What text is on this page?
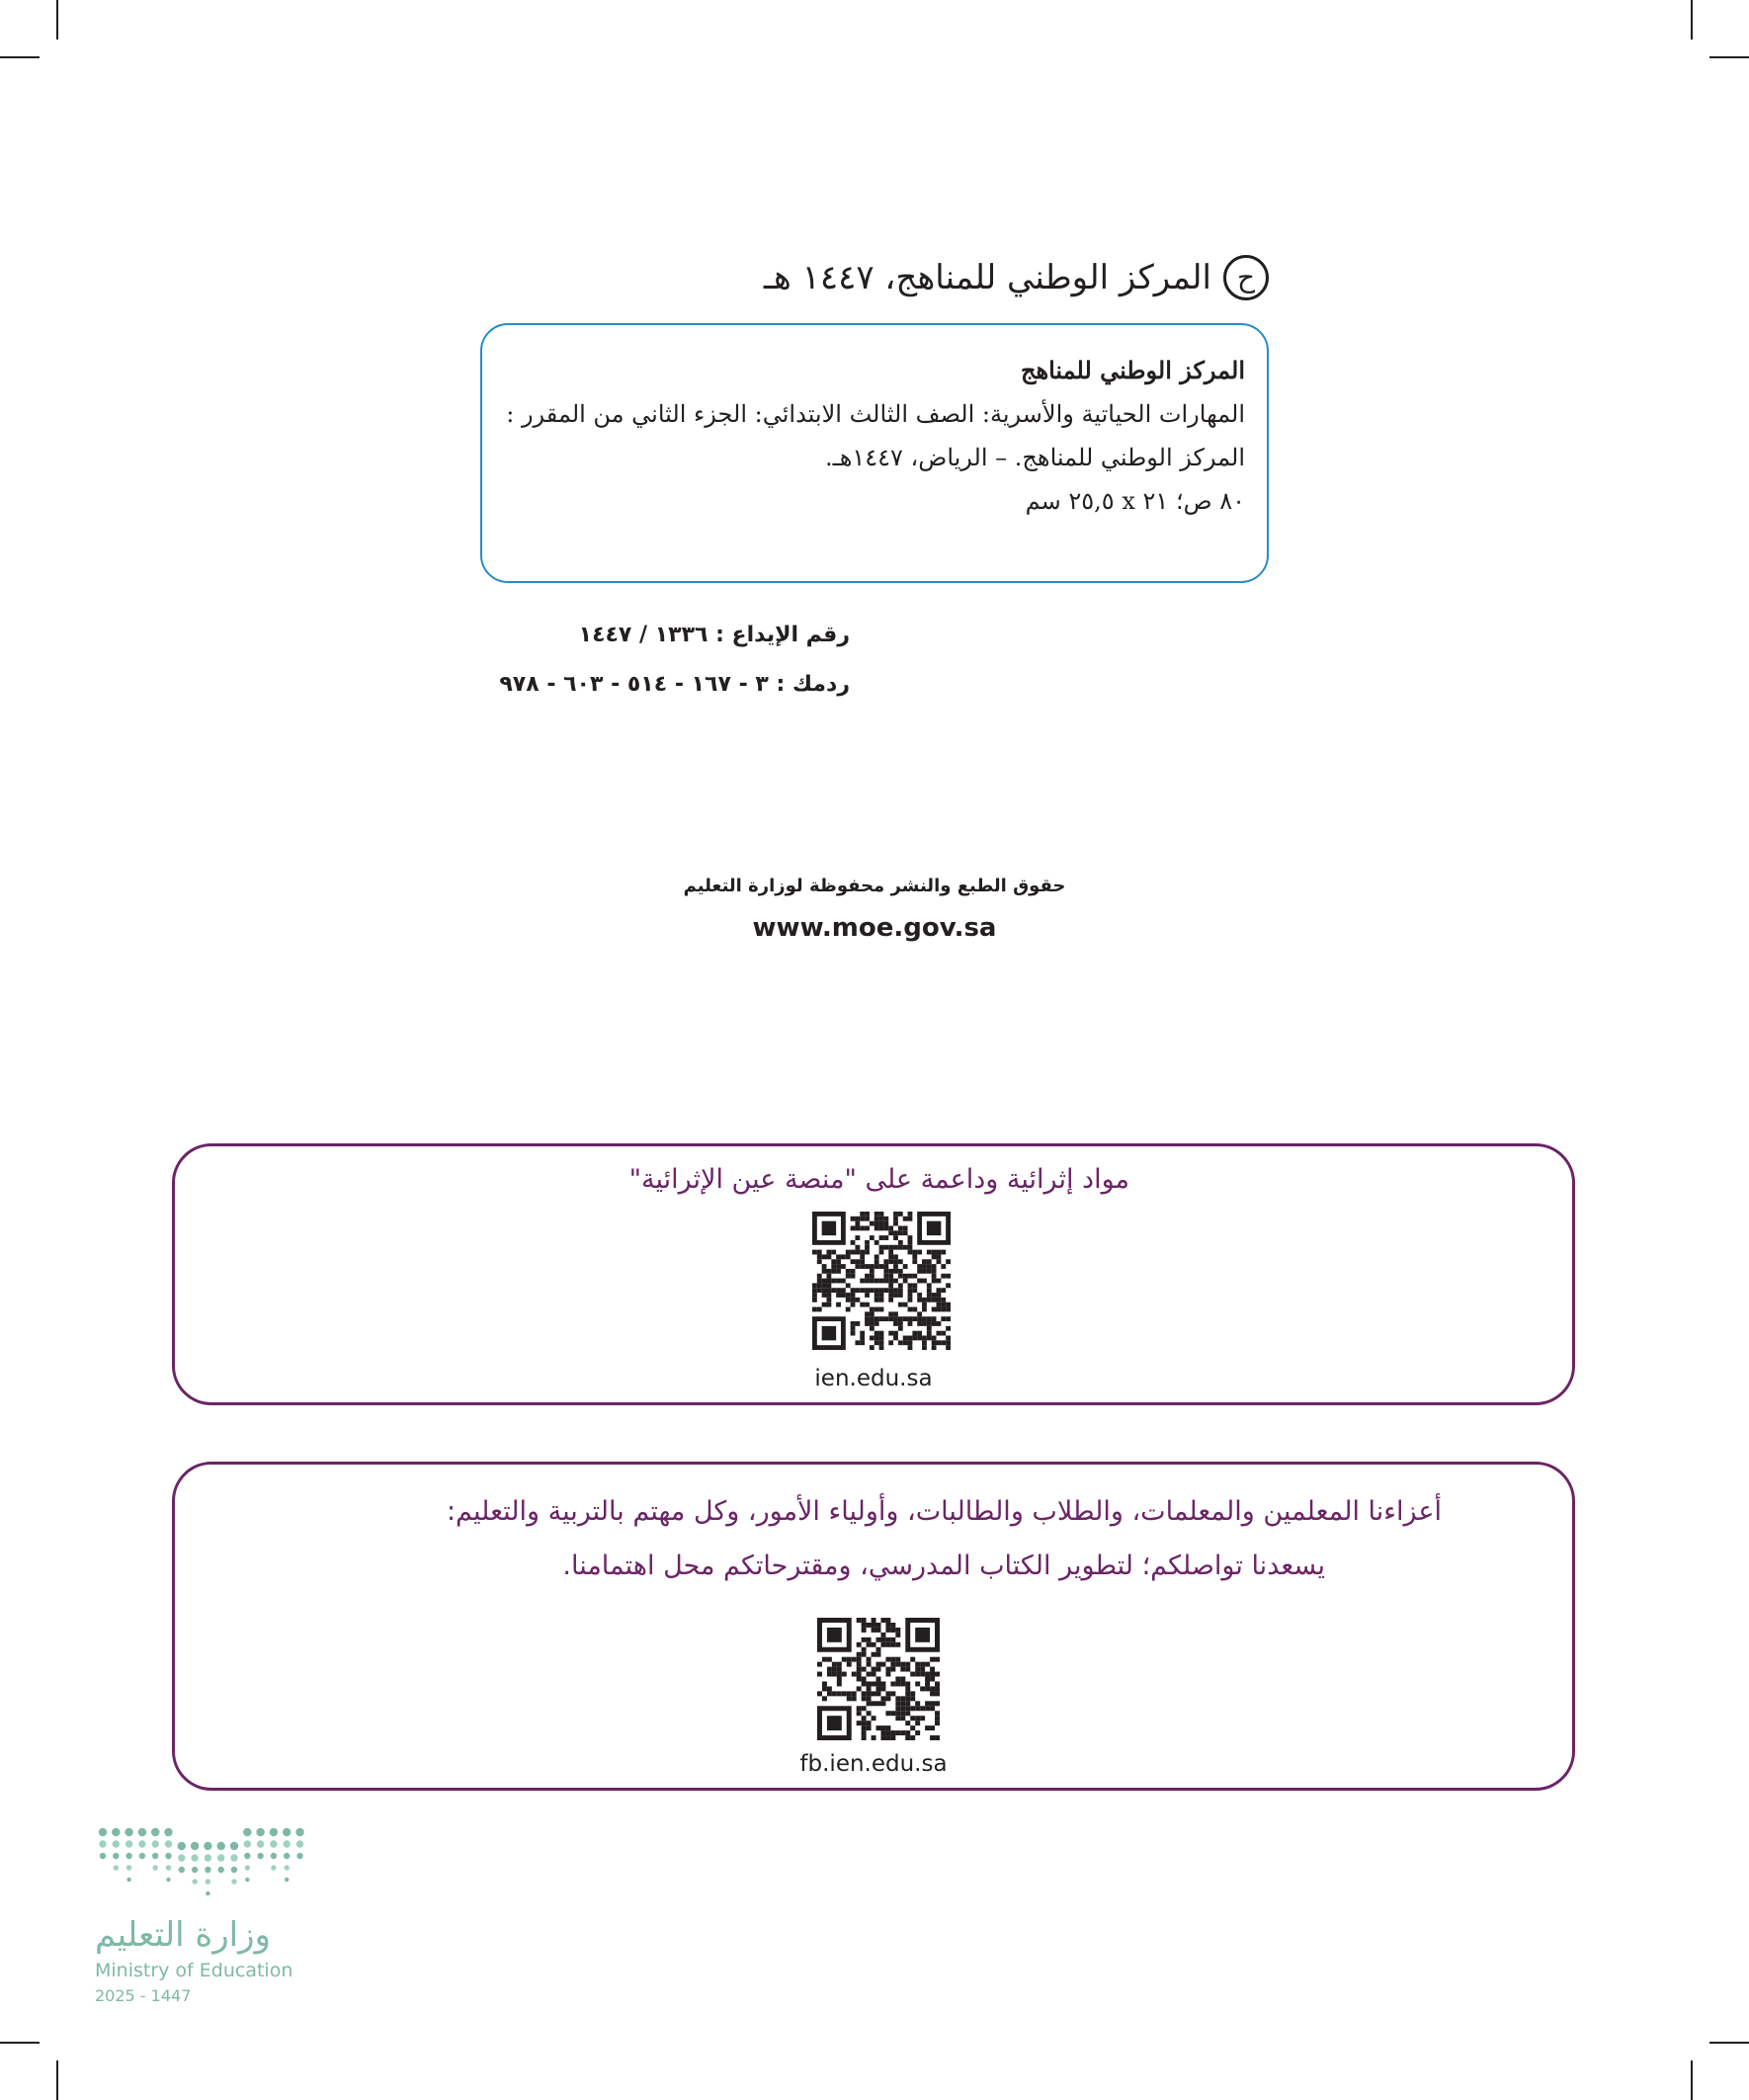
ح
المركز الوطني للمناهج، ١٤٤٧ هـ
المركز الوطني للمناهج
المهارات الحياتية والأسرية: الصف الثالث الابتدائي: الجزء الثاني من المقرر :
المركز الوطني للمناهج. – الرياض، ١٤٤٧هـ.
٨٠ ص؛ ٢١ x ٢٥,٥ سم
رقم الإيداع : ١٣٣٦ / ١٤٤٧
ردمك : ٣ - ١٦٧ - ٥١٤ - ٦٠٣ - ٩٧٨
حقوق الطبع والنشر محفوظة لوزارة التعليم
www.moe.gov.sa
مواد إثرائية وداعمة على "منصة عين الإثرائية"
ien.edu.sa
أعزاءنا المعلمين والمعلمات، والطلاب والطالبات، وأولياء الأمور، وكل مهتم بالتربية والتعليم:
يسعدنا تواصلكم؛ لتطوير الكتاب المدرسي، ومقترحاتكم محل اهتمامنا.
fb.ien.edu.sa
وزارة التعليم
Ministry of Education
2025 - 1447
